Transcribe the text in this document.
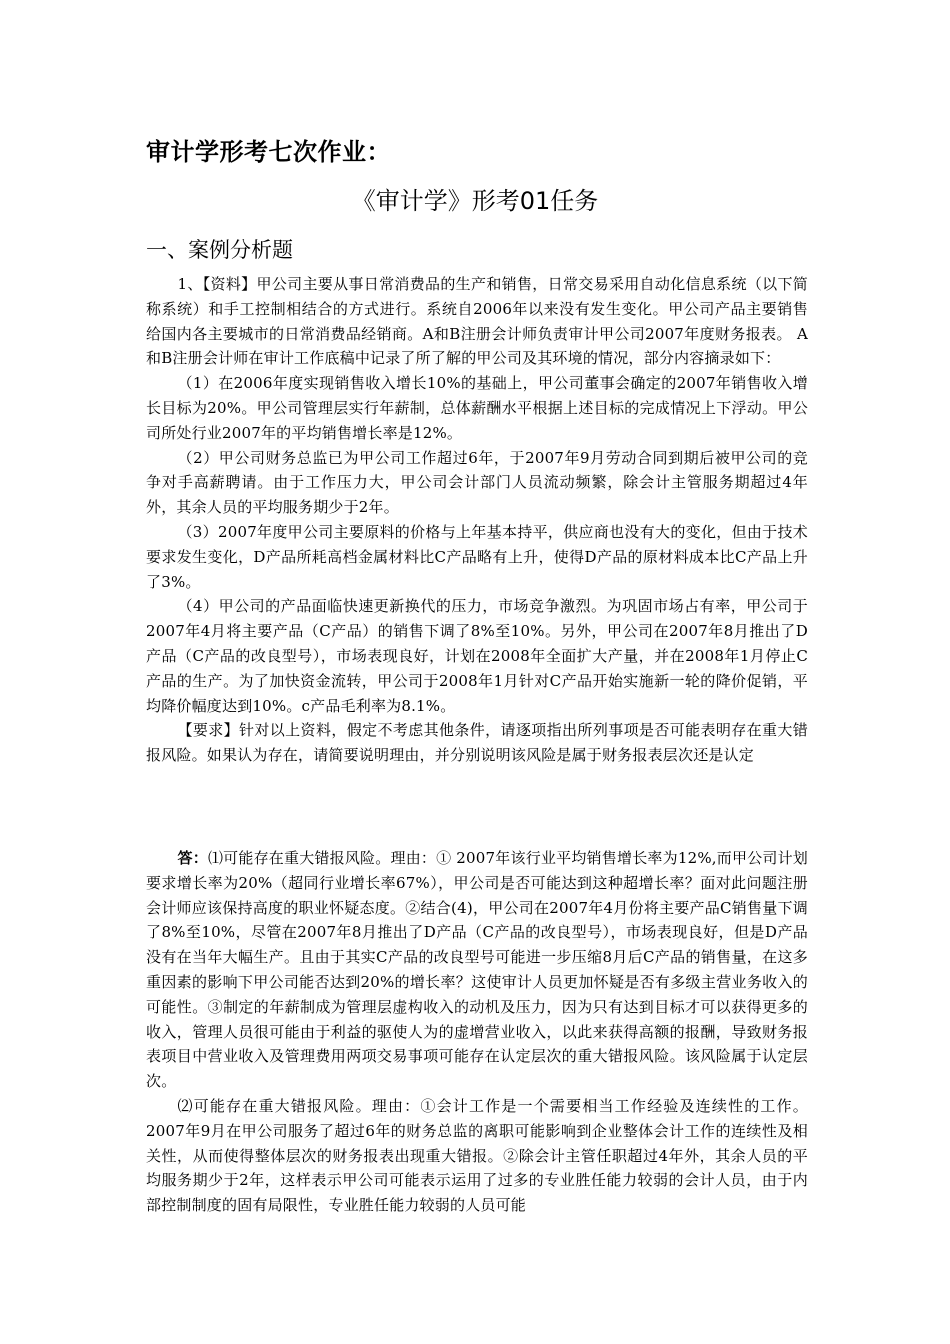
审计学形考七次作业：
《审计学》形考01任务
一、案例分析题

1、【资料】甲公司主要从事日常消费品的生产和销售，日常交易采用自动化信息系统（以下简称系统）和手工控制相结合的方式进行。系统自2006年以来没有发生变化。甲公司产品主要销售给国内各主要城市的日常消费品经销商。A和B注册会计师负责审计甲公司2007年度财务报表。 A和B注册会计师在审计工作底稿中记录了所了解的甲公司及其环境的情况，部分内容摘录如下：

（1）在2006年度实现销售收入增长10%的基础上，甲公司董事会确定的2007年销售收入增长目标为20%。甲公司管理层实行年薪制，总体薪酬水平根据上述目标的完成情况上下浮动。甲公司所处行业2007年的平均销售增长率是12%。

（2）甲公司财务总监已为甲公司工作超过6年，于2007年9月劳动合同到期后被甲公司的竞争对手高薪聘请。由于工作压力大，甲公司会计部门人员流动频繁，除会计主管服务期超过4年外，其余人员的平均服务期少于2年。

（3）2007年度甲公司主要原料的价格与上年基本持平，供应商也没有大的变化，但由于技术要求发生变化，D产品所耗高档金属材料比C产品略有上升，使得D产品的原材料成本比C产品上升了3%。

（4）甲公司的产品面临快速更新换代的压力，市场竞争激烈。为巩固市场占有率，甲公司于2007年4月将主要产品（C产品）的销售下调了8%至10%。另外，甲公司在2007年8月推出了D产品（C产品的改良型号），市场表现良好，计划在2008年全面扩大产量，并在2008年1月停止C产品的生产。为了加快资金流转，甲公司于2008年1月针对C产品开始实施新一轮的降价促销，平均降价幅度达到10%。c产品毛利率为8.1%。

【要求】针对以上资料，假定不考虑其他条件，请逐项指出所列事项是否可能表明存在重大错报风险。如果认为存在，请简要说明理由，并分别说明该风险是属于财务报表层次还是认定

答：⑴可能存在重大错报风险。理由：① 2007年该行业平均销售增长率为12%,而甲公司计划要求增长率为20%（超同行业增长率67%），甲公司是否可能达到这种超增长率？面对此问题注册会计师应该保持高度的职业怀疑态度。②结合(4)，甲公司在2007年4月份将主要产品C销售量下调了8%至10%，尽管在2007年8月推出了D产品（C产品的改良型号），市场表现良好，但是D产品没有在当年大幅生产。且由于其实C产品的改良型号可能进一步压缩8月后C产品的销售量，在这多重因素的影响下甲公司能否达到20%的增长率？这使审计人员更加怀疑是否有多级主营业务收入的可能性。③制定的年薪制成为管理层虚构收入的动机及压力，因为只有达到目标才可以获得更多的收入，管理人员很可能由于利益的驱使人为的虚增营业收入，以此来获得高额的报酬，导致财务报表项目中营业收入及管理费用两项交易事项可能存在认定层次的重大错报风险。该风险属于认定层次。

⑵可能存在重大错报风险。理由：①会计工作是一个需要相当工作经验及连续性的工作。2007年9月在甲公司服务了超过6年的财务总监的离职可能影响到企业整体会计工作的连续性及相关性，从而使得整体层次的财务报表出现重大错报。②除会计主管任职超过4年外，其余人员的平均服务期少于2年，这样表示甲公司可能表示运用了过多的专业胜任能力较弱的会计人员，由于内部控制制度的固有局限性，专业胜任能力较弱的人员可能
